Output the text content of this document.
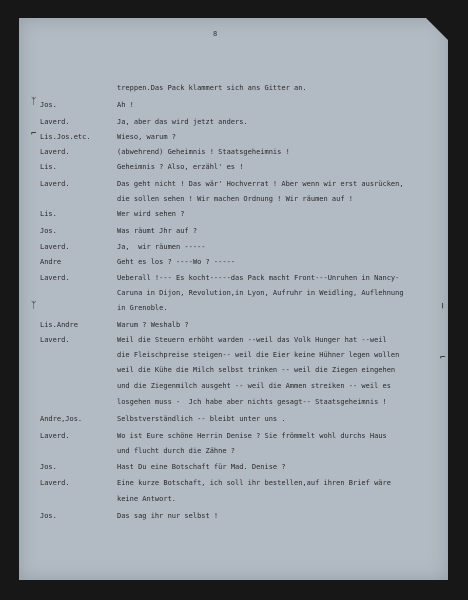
8
ᛉ
⌐
ᛉ	╷
⌐
treppen.Das Pack klammert sich ans Gitter an.
Jos.	Ah !
Laverd.	Ja, aber das wird jetzt anders.
Lis.Jos.etc.	Wieso, warum ?
Laverd.	(abwehrend) Geheimnis ! Staatsgeheimnis !
Lis.	Geheimnis ? Also, erzähl' es !
Laverd.	Das geht nicht ! Das wär' Hochverrat ! Aber wenn wir erst ausrücken,
die sollen sehen ! Wir machen Ordnung ! Wir räumen auf !
Lis.	Wer wird sehen ?
Jos.	Was räumt Jhr auf ?
Laverd.	Ja,  wir räumen -----
Andre	Geht es los ? ----Wo ? -----
Laverd.	Ueberall !--- Es kocht-----das Pack macht Front---Unruhen in Nancy-
Caruna in Dijon, Revolution,in Lyon, Aufruhr in Weidling, Auflehnung
in Grenoble.
Lis.Andre	Warum ? Weshalb ?
Laverd.	Weil die Steuern erhöht warden --weil das Volk Hunger hat --weil
die Fleischpreise steigen-- weil die Eier keine Hühner legen wollen
weil die Kühe die Milch selbst trinken -- weil die Ziegen eingehen
und die Ziegenmilch ausgeht -- weil die Ammen streiken -- weil es
losgehen muss -  Jch habe aber nichts gesagt-- Staatsgeheimnis !
Andre,Jos.	Selbstverständlich -- bleibt unter uns .
Laverd.	Wo ist Eure schöne Herrin Denise ? Sie frömmelt wohl durchs Haus
und flucht durch die Zähne ?
Jos.	Hast Du eine Botschaft für Mad. Denise ?
Laverd.	Eine kurze Botschaft, ich soll ihr bestellen,auf ihren Brief wäre
keine Antwort.
Jos.	Das sag ihr nur selbst !
